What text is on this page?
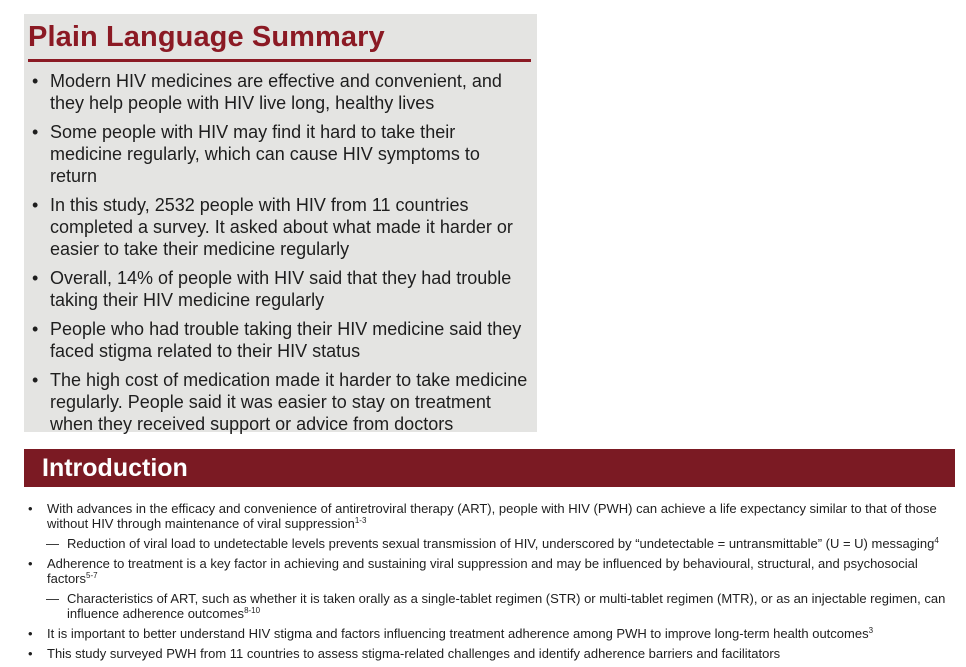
Plain Language Summary
• Modern HIV medicines are effective and convenient, and they help people with HIV live long, healthy lives
• Some people with HIV may find it hard to take their medicine regularly, which can cause HIV symptoms to return
• In this study, 2532 people with HIV from 11 countries completed a survey. It asked about what made it harder or easier to take their medicine regularly
• Overall, 14% of people with HIV said that they had trouble taking their HIV medicine regularly
• People who had trouble taking their HIV medicine said they faced stigma related to their HIV status
• The high cost of medication made it harder to take medicine regularly. People said it was easier to stay on treatment when they received support or advice from doctors
Introduction
• With advances in the efficacy and convenience of antiretroviral therapy (ART), people with HIV (PWH) can achieve a life expectancy similar to that of those without HIV through maintenance of viral suppression$^{1-3}$
— Reduction of viral load to undetectable levels prevents sexual transmission of HIV, underscored by “undetectable = untransmittable” (U = U) messaging$^4$
• Adherence to treatment is a key factor in achieving and sustaining viral suppression and may be influenced by behavioural, structural, and psychosocial factors$^{5-7}$
— Characteristics of ART, such as whether it is taken orally as a single-tablet regimen (STR) or multi-tablet regimen (MTR), or as an injectable regimen, can influence adherence outcomes$^{8-10}$
• It is important to better understand HIV stigma and factors influencing treatment adherence among PWH to improve long-term health outcomes$^3$
• This study surveyed PWH from 11 countries to assess stigma-related challenges and identify adherence barriers and facilitators
